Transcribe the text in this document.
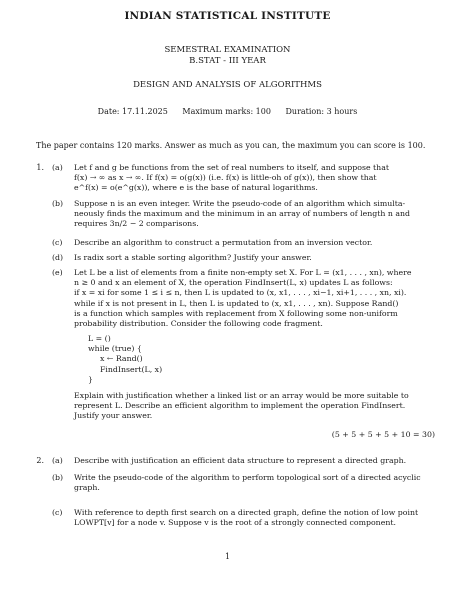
INDIAN STATISTICAL INSTITUTE
SEMESTRAL EXAMINATION
B.STAT - III YEAR
DESIGN AND ANALYSIS OF ALGORITHMS
Date: 17.11.2025 Maximum marks: 100 Duration: 3 hours
The paper contains 120 marks. Answer as much as you can, the maximum you can score is 100.
1. (a)	Let f and g be functions from the set of real numbers to itself, and suppose that
f(x) → ∞ as x → ∞. If f(x) = o(g(x)) (i.e. f(x) is little-oh of g(x)), then show that
e^f(x) = o(e^g(x)), where e is the base of natural logarithms.
(b)	Suppose n is an even integer. Write the pseudo-code of an algorithm which simulta-
neously finds the maximum and the minimum in an array of numbers of length n and
requires 3n/2 − 2 comparisons.
(c)	Describe an algorithm to construct a permutation from an inversion vector.
(d)	Is radix sort a stable sorting algorithm? Justify your answer.
(e)	Let L be a list of elements from a finite non-empty set X. For L = (x1, . . . , xn), where
n ≥ 0 and x an element of X, the operation FindInsert(L, x) updates L as follows:
if x = xi for some 1 ≤ i ≤ n, then L is updated to (x, x1, . . . , xi−1, xi+1, . . . , xn, xi).
while if x is not present in L, then L is updated to (x, x1, . . . , xn). Suppose Rand()
is a function which samples with replacement from X following some non-uniform
probability distribution. Consider the following code fragment.
L = ()
while (true) {
x ← Rand()
FindInsert(L, x)
}
Explain with justification whether a linked list or an array would be more suitable to
represent L. Describe an efficient algorithm to implement the operation FindInsert.
Justify your answer.
(5 + 5 + 5 + 5 + 10 = 30)
2. (a)	Describe with justification an efficient data structure to represent a directed graph.
(b)	Write the pseudo-code of the algorithm to perform topological sort of a directed acyclic
graph.
(c)	With reference to depth first search on a directed graph, define the notion of low point
LOWPT[v] for a node v. Suppose v is the root of a strongly connected component.
1
